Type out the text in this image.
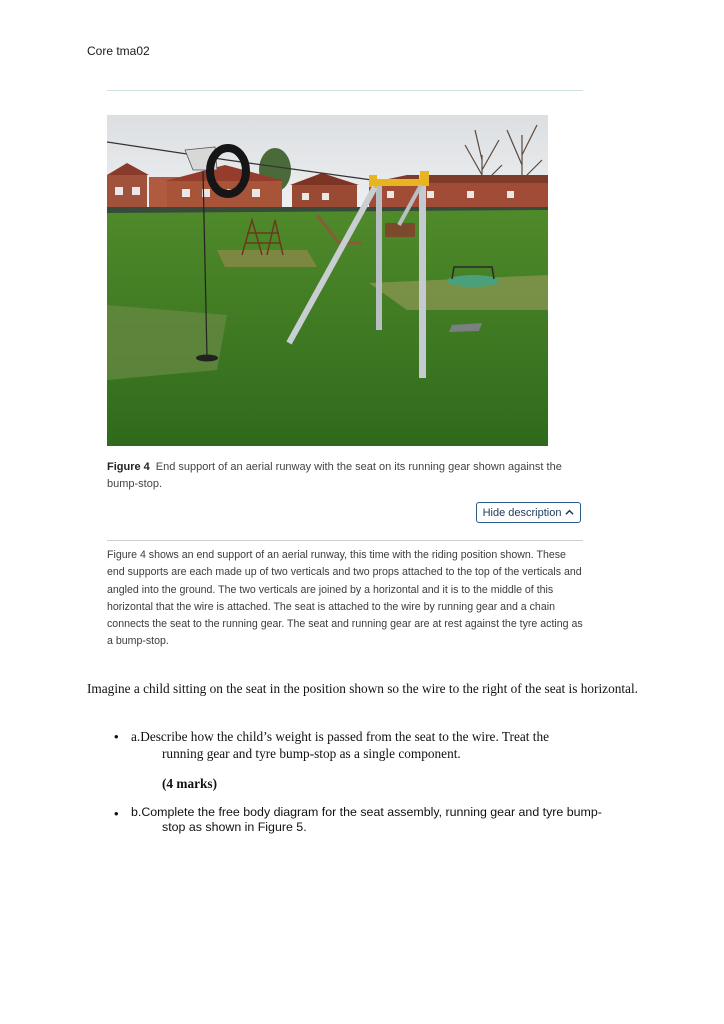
Core tma02
Figure 4 End support of an aerial runway with the seat on its running gear shown against the bump-stop.
Hide description
Figure 4 shows an end support of an aerial runway, this time with the riding position shown. These end supports are each made up of two verticals and two props attached to the top of the verticals and angled into the ground. The two verticals are joined by a horizontal and it is to the middle of this horizontal that the wire is attached. The seat is attached to the wire by running gear and a chain connects the seat to the running gear. The seat and running gear are at rest against the tyre acting as a bump-stop.
Imagine a child sitting on the seat in the position shown so the wire to the right of the seat is horizontal.
• a.Describe how the child’s weight is passed from the seat to the wire. Treat the
running gear and tyre bump-stop as a single component.
(4 marks)
• b.Complete the free body diagram for the seat assembly, running gear and tyre bump-
stop as shown in Figure 5.
